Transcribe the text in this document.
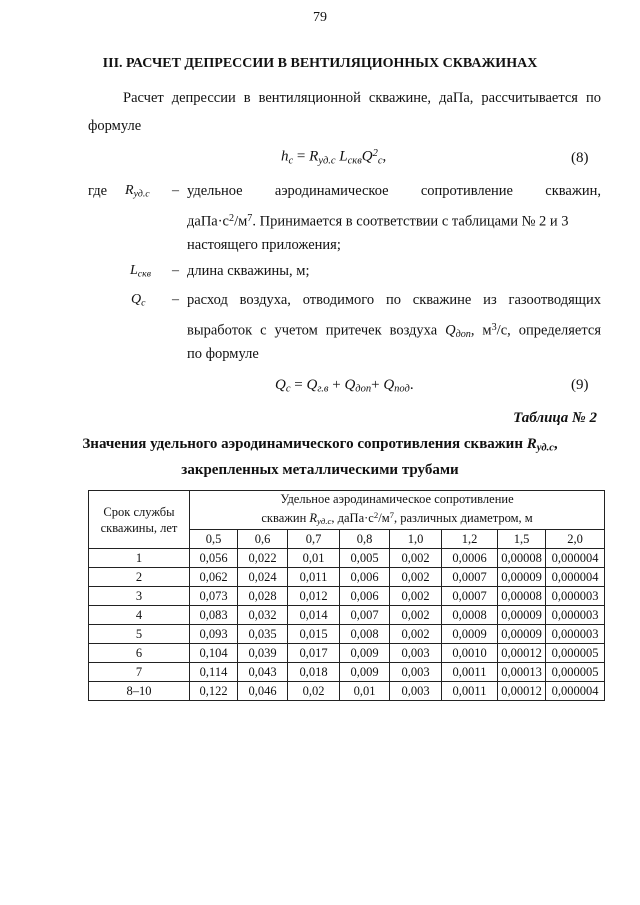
79
III. РАСЧЕТ ДЕПРЕССИИ В ВЕНТИЛЯЦИОННЫХ СКВАЖИНАХ
Расчет депрессии в вентиляционной скважине, даПа, рассчитывается по
формуле
$h_с = R_{уд.с}$ $L_{скв}Q^2_с$,	(8)
где $R_{уд.с}$ – удельное аэродинамическое сопротивление скважин,
$даПа\cdot с^2/м^7$. Принимается в соответствии с таблицами № 2 и 3
настоящего приложения;
$L_{скв}$ – длина скважины, м;
$Q_с$ – расход воздуха, отводимого по скважине из газоотводящих
выработок с учетом притечек воздуха $Q_{доп}$, $м^3/с$, определяется
по формуле
$Q_с = Q_{г.в} + Q_{доп}+ Q_{под}$.	(9)
Таблица № 2
Значения удельного аэродинамического сопротивления скважин $R_{уд.с}$,
закрепленных металлическими трубами
Срок службы скважины, лет	Удельное аэродинамическое сопротивление
скважин $R_{уд.с}$, $даПа\cdot с^2/м^7$, различных диаметром, м							
	0,5	0,6	0,7	0,8	1,0	1,2	1,5	2,0
1	0,056	0,022	0,01	0,005	0,002	0,0006	0,00008	0,000004
2	0,062	0,024	0,011	0,006	0,002	0,0007	0,00009	0,000004
3	0,073	0,028	0,012	0,006	0,002	0,0007	0,00008	0,000003
4	0,083	0,032	0,014	0,007	0,002	0,0008	0,00009	0,000003
5	0,093	0,035	0,015	0,008	0,002	0,0009	0,00009	0,000003
6	0,104	0,039	0,017	0,009	0,003	0,0010	0,00012	0,000005
7	0,114	0,043	0,018	0,009	0,003	0,0011	0,00013	0,000005
8–10	0,122	0,046	0,02	0,01	0,003	0,0011	0,00012	0,000004
